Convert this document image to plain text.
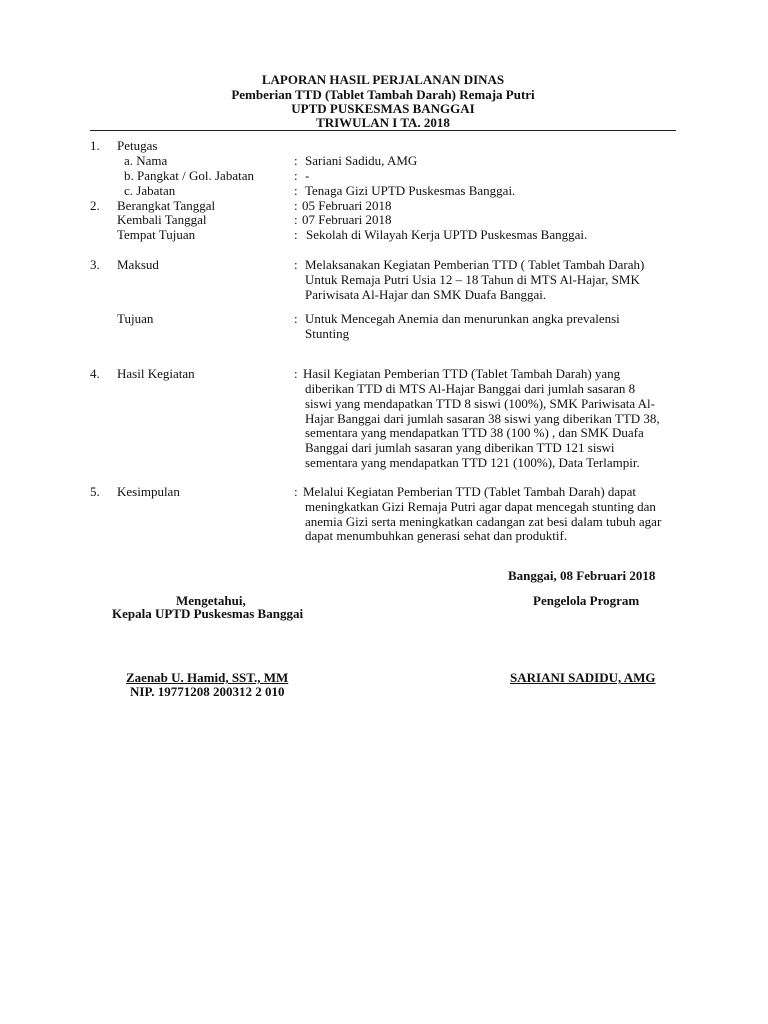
LAPORAN HASIL PERJALANAN DINAS
Pemberian TTD (Tablet Tambah Darah) Remaja Putri
UPTD PUSKESMAS BANGGAI
TRIWULAN I TA. 2018
1. Petugas
a. Nama	: Sariani Sadidu, AMG
b. Pangkat / Gol. Jabatan	: -
c. Jabatan	: Tenaga Gizi UPTD Puskesmas Banggai.
2. Berangkat Tanggal	: 05 Februari 2018
Kembali Tanggal	: 07 Februari 2018
Tempat Tujuan	: Sekolah di Wilayah Kerja UPTD Puskesmas Banggai.
3. Maksud	: Melaksanakan Kegiatan Pemberian TTD ( Tablet Tambah Darah)
Untuk Remaja Putri Usia 12 – 18 Tahun di MTS Al-Hajar, SMK
Pariwisata Al-Hajar dan SMK Duafa Banggai.
Tujuan	: Untuk Mencegah Anemia dan menurunkan angka prevalensi
Stunting
4. Hasil Kegiatan	: Hasil Kegiatan Pemberian TTD (Tablet Tambah Darah) yang
diberikan TTD di MTS Al-Hajar Banggai dari jumlah sasaran 8
siswi yang mendapatkan TTD 8 siswi (100%), SMK Pariwisata Al-
Hajar Banggai dari jumlah sasaran 38 siswi yang diberikan TTD 38,
sementara yang mendapatkan TTD 38 (100 %) , dan SMK Duafa
Banggai dari jumlah sasaran yang diberikan TTD 121 siswi
sementara yang mendapatkan TTD 121 (100%), Data Terlampir.
5. Kesimpulan	: Melalui Kegiatan Pemberian TTD (Tablet Tambah Darah) dapat
meningkatkan Gizi Remaja Putri agar dapat mencegah stunting dan
anemia Gizi serta meningkatkan cadangan zat besi dalam tubuh agar
dapat menumbuhkan generasi sehat dan produktif.
Banggai, 08 Februari 2018
Mengetahui,
Kepala UPTD Puskesmas Banggai
Pengelola Program
Zaenab U. Hamid, SST., MM
NIP. 19771208 200312 2 010
SARIANI SADIDU, AMG
